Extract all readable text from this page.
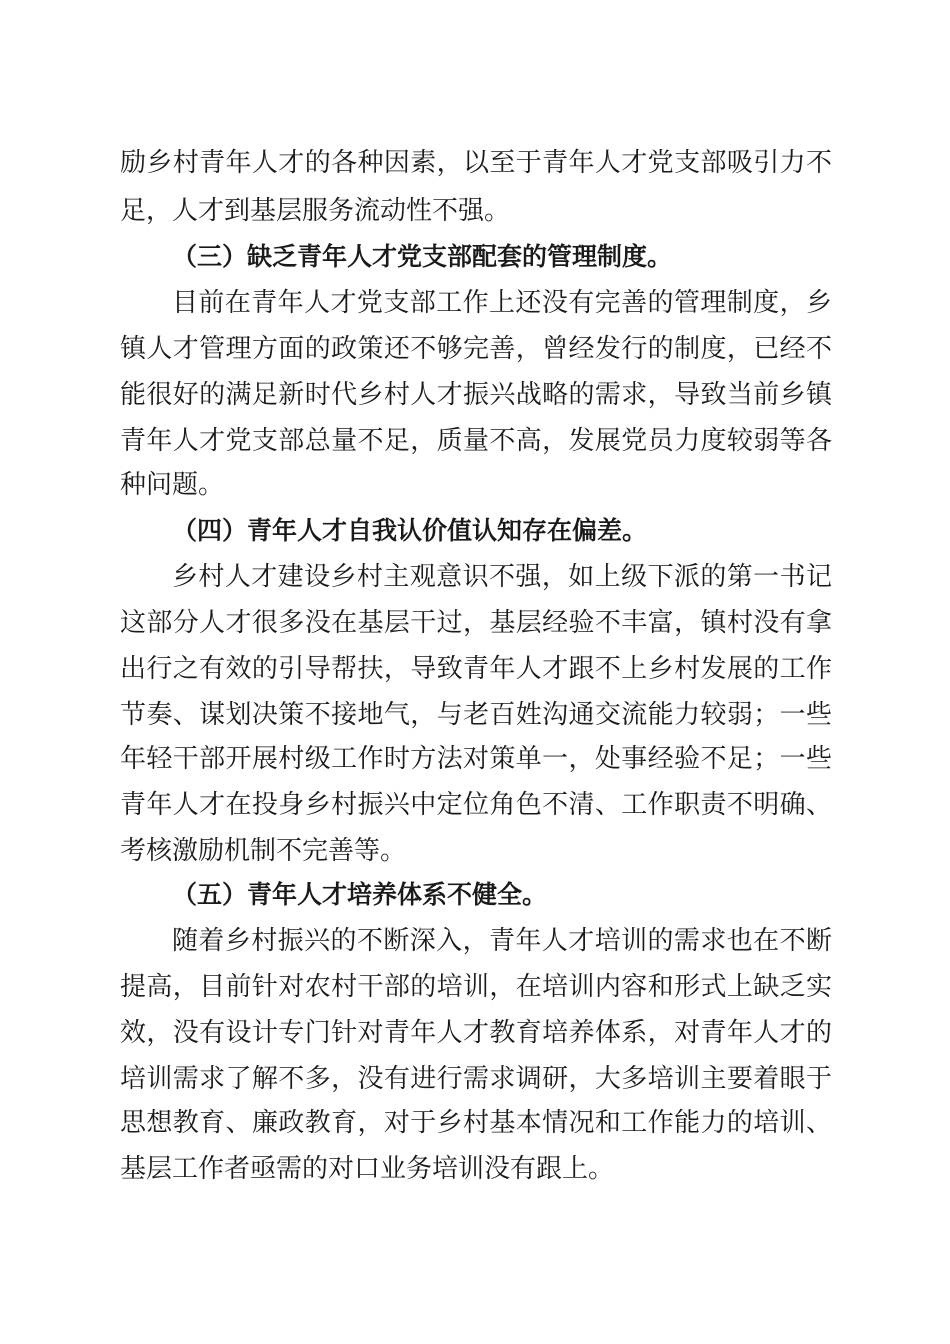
励乡村青年人才的各种因素，以至于青年人才党支部吸引力不

足，人才到基层服务流动性不强。

（三）缺乏青年人才党支部配套的管理制度。

目前在青年人才党支部工作上还没有完善的管理制度，乡

镇人才管理方面的政策还不够完善，曾经发行的制度，已经不

能很好的满足新时代乡村人才振兴战略的需求，导致当前乡镇

青年人才党支部总量不足，质量不高，发展党员力度较弱等各

种问题。

（四）青年人才自我认价值认知存在偏差。

乡村人才建设乡村主观意识不强，如上级下派的第一书记

这部分人才很多没在基层干过，基层经验不丰富，镇村没有拿

出行之有效的引导帮扶，导致青年人才跟不上乡村发展的工作

节奏、谋划决策不接地气，与老百姓沟通交流能力较弱；一些

年轻干部开展村级工作时方法对策单一，处事经验不足；一些

青年人才在投身乡村振兴中定位角色不清、工作职责不明确、

考核激励机制不完善等。

（五）青年人才培养体系不健全。

随着乡村振兴的不断深入，青年人才培训的需求也在不断

提高，目前针对农村干部的培训，在培训内容和形式上缺乏实

效，没有设计专门针对青年人才教育培养体系，对青年人才的

培训需求了解不多，没有进行需求调研，大多培训主要着眼于

思想教育、廉政教育，对于乡村基本情况和工作能力的培训、

基层工作者亟需的对口业务培训没有跟上。
